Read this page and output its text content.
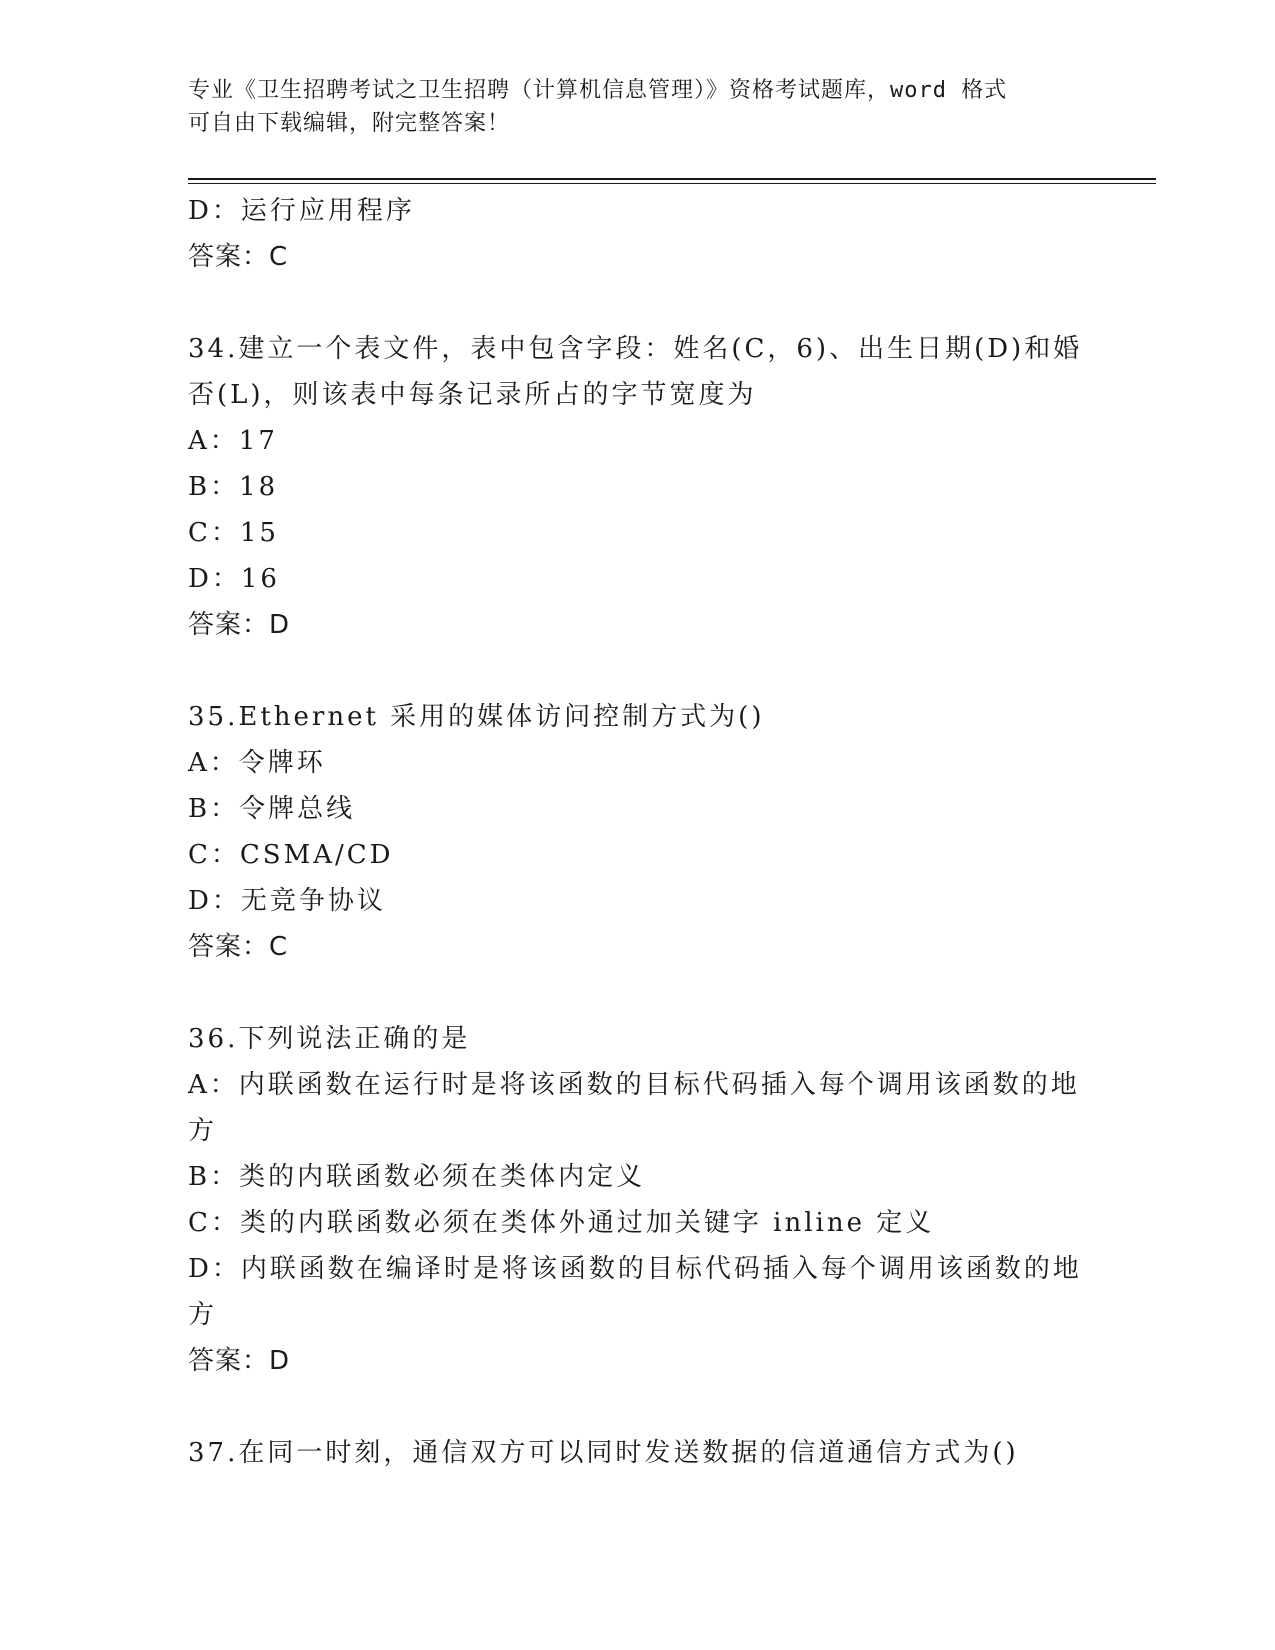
专业《卫生招聘考试之卫生招聘（计算机信息管理）》资格考试题库，word 格式
可自由下载编辑，附完整答案！
D：运行应用程序
答案：C
34.建立一个表文件，表中包含字段：姓名(C，6)、出生日期(D)和婚否(L)，则该表中每条记录所占的字节宽度为
A：17
B：18
C：15
D：16
答案：D
35.Ethernet 采用的媒体访问控制方式为()
A：令牌环
B：令牌总线
C：CSMA/CD
D：无竞争协议
答案：C
36.下列说法正确的是
A：内联函数在运行时是将该函数的目标代码插入每个调用该函数的地方
B：类的内联函数必须在类体内定义
C：类的内联函数必须在类体外通过加关键字 inline 定义
D：内联函数在编译时是将该函数的目标代码插入每个调用该函数的地方
答案：D
37.在同一时刻，通信双方可以同时发送数据的信道通信方式为()
